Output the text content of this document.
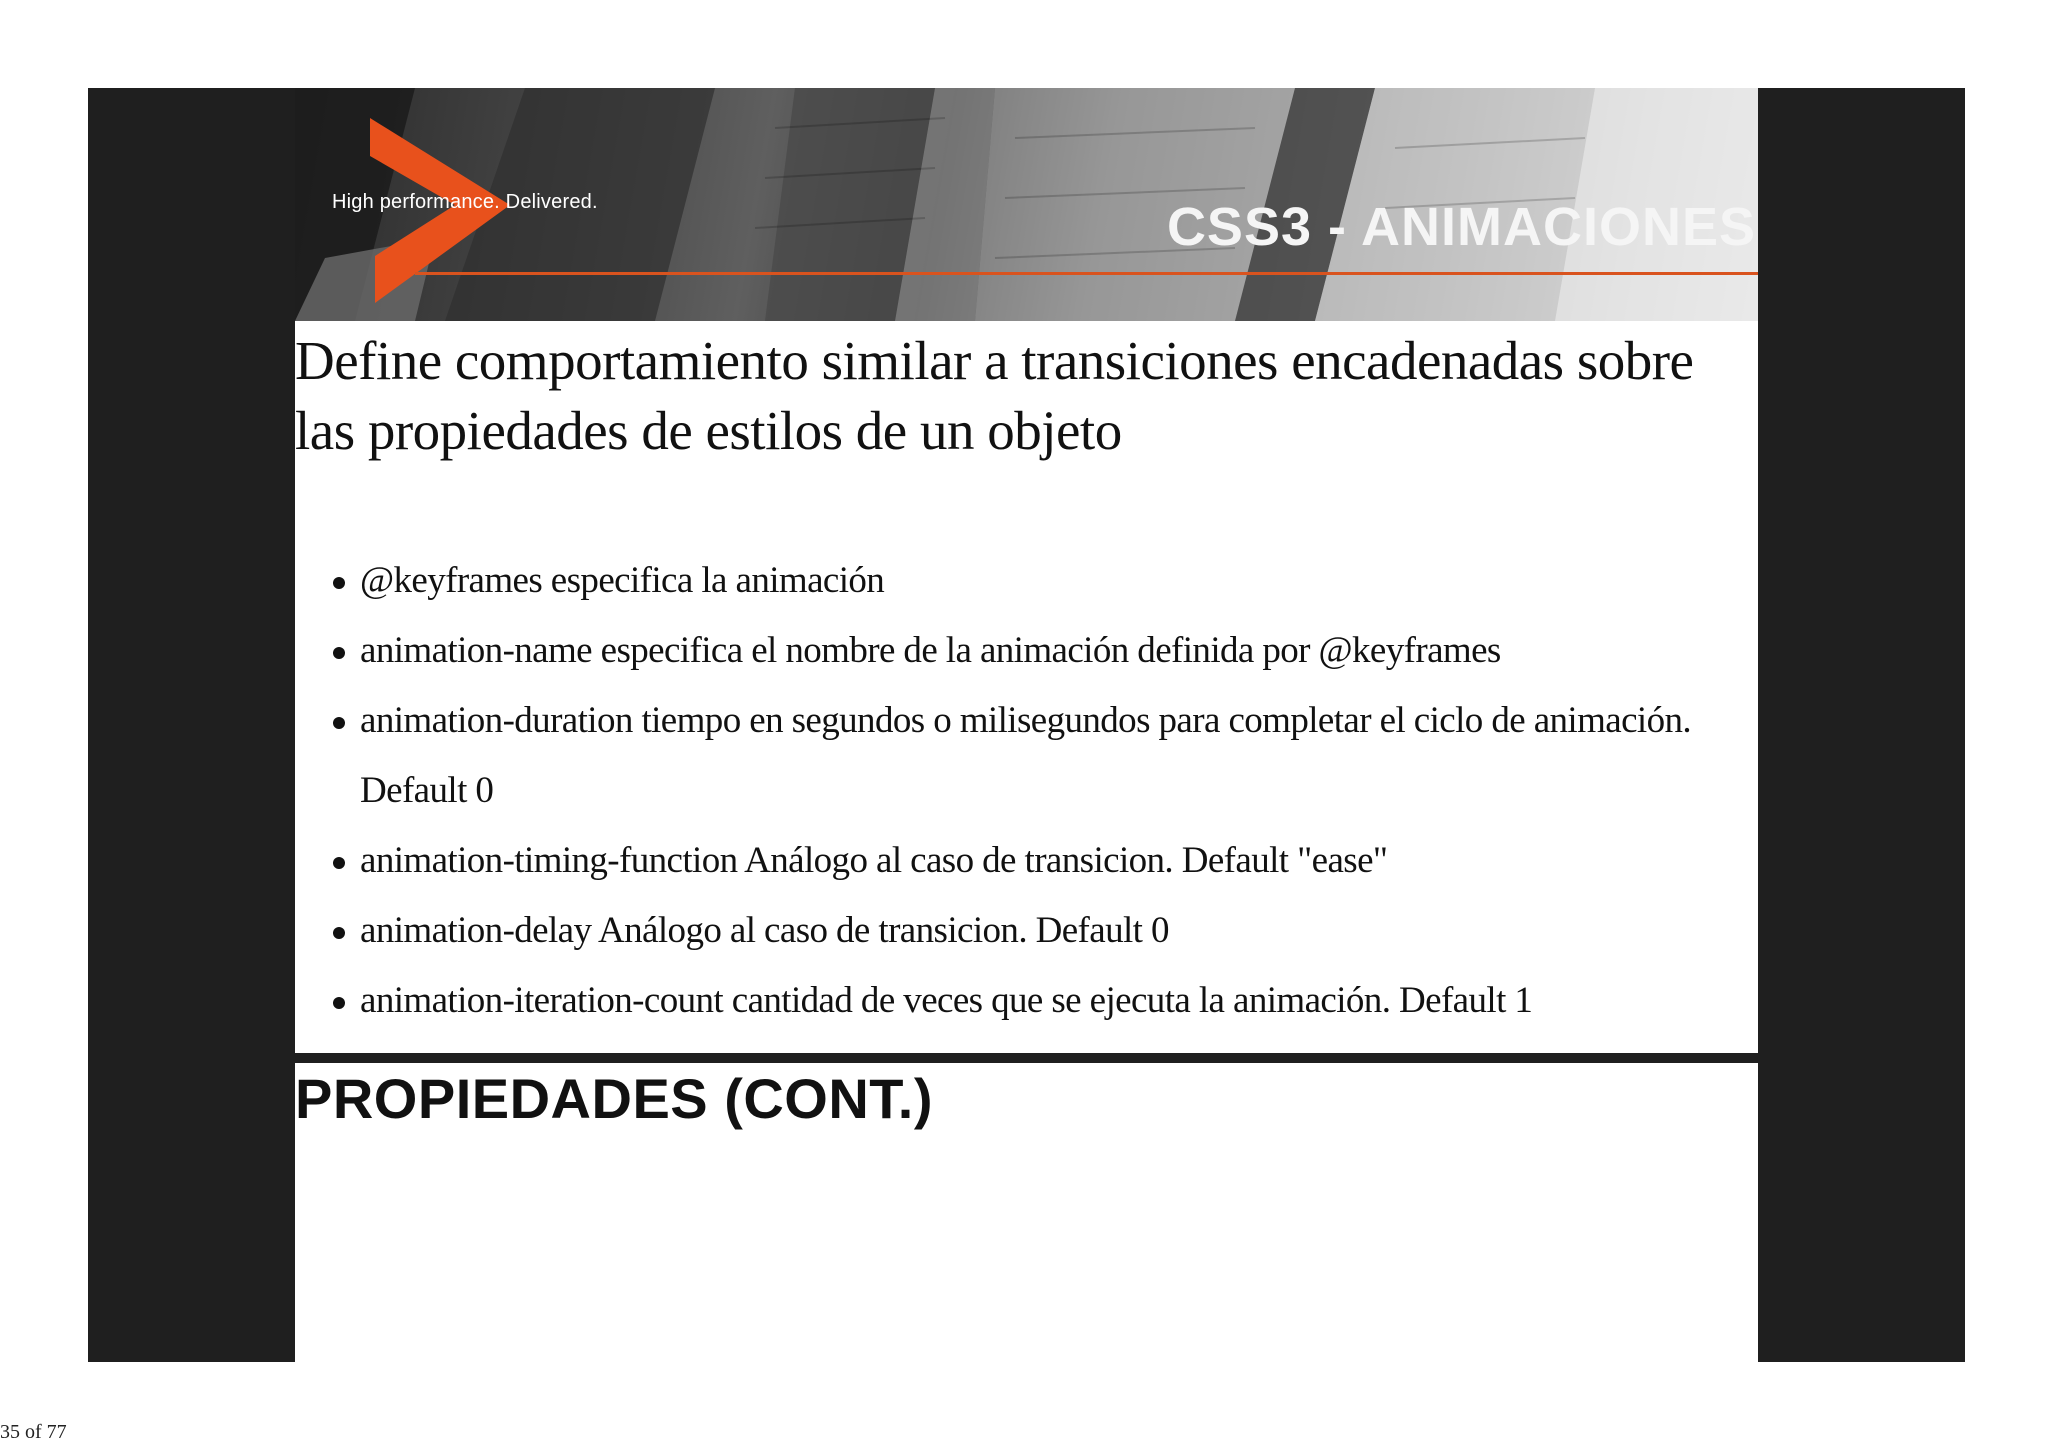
High performance. Delivered.	CSS3 - ANIMACIONES

Define comportamiento similar a transiciones encadenadas sobre las propiedades de estilos de un objeto

@keyframes especifica la animación
animation-name especifica el nombre de la animación definida por @keyframes
animation-duration tiempo en segundos o milisegundos para completar el ciclo de animación. Default 0
animation-timing-function Análogo al caso de transicion. Default "ease"
animation-delay Análogo al caso de transicion. Default 0
animation-iteration-count cantidad de veces que se ejecuta la animación. Default 1
PROPIEDADES (CONT.)
35 of 77
